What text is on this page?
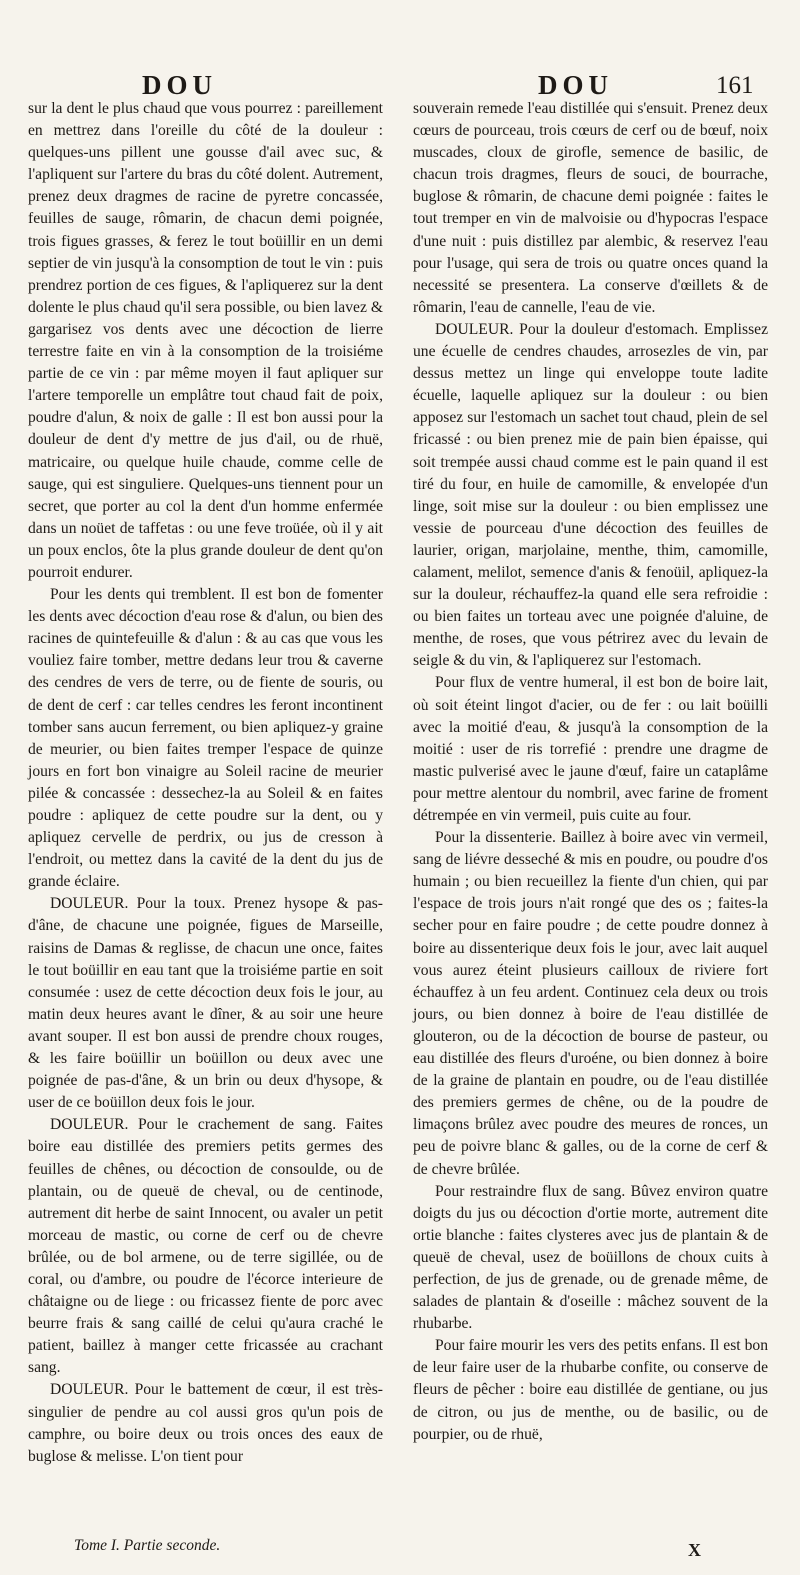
DOU	DOU	161

sur la dent le plus chaud que vous pourrez : pareillement en mettrez dans l'oreille du côté de la douleur : quelques-uns pillent une gousse d'ail avec suc, & l'apliquent sur l'artere du bras du côté dolent. Autrement, prenez deux dragmes de racine de pyretre concassée, feuilles de sauge, rômarin, de chacun demi poignée, trois figues grasses, & ferez le tout boüillir en un demi septier de vin jusqu'à la consomption de tout le vin : puis prendrez portion de ces figues, & l'apliquerez sur la dent dolente le plus chaud qu'il sera possible, ou bien lavez & gargarisez vos dents avec une décoction de lierre terrestre faite en vin à la consomption de la troisiéme partie de ce vin : par même moyen il faut apliquer sur l'artere temporelle un emplâtre tout chaud fait de poix, poudre d'alun, & noix de galle : Il est bon aussi pour la douleur de dent d'y mettre de jus d'ail, ou de rhuë, matricaire, ou quelque huile chaude, comme celle de sauge, qui est singuliere. Quelques-uns tiennent pour un secret, que porter au col la dent d'un homme enfermée dans un noüet de taffetas : ou une feve troüée, où il y ait un poux enclos, ôte la plus grande douleur de dent qu'on pourroit endurer.

Pour les dents qui tremblent. Il est bon de fomenter les dents avec décoction d'eau rose & d'alun, ou bien des racines de quintefeuille & d'alun : & au cas que vous les vouliez faire tomber, mettre dedans leur trou & caverne des cendres de vers de terre, ou de fiente de souris, ou de dent de cerf : car telles cendres les feront incontinent tomber sans aucun ferrement, ou bien apliquez-y graine de meurier, ou bien faites tremper l'espace de quinze jours en fort bon vinaigre au Soleil racine de meurier pilée & concassée : dessechez-la au Soleil & en faites poudre : apliquez de cette poudre sur la dent, ou y apliquez cervelle de perdrix, ou jus de cresson à l'endroit, ou mettez dans la cavité de la dent du jus de grande éclaire.

DOULEUR. Pour la toux. Prenez hysope & pas-d'âne, de chacune une poignée, figues de Marseille, raisins de Damas & reglisse, de chacun une once, faites le tout boüillir en eau tant que la troisiéme partie en soit consumée : usez de cette décoction deux fois le jour, au matin deux heures avant le dîner, & au soir une heure avant souper. Il est bon aussi de prendre choux rouges, & les faire boüillir un boüillon ou deux avec une poignée de pas-d'âne, & un brin ou deux d'hysope, & user de ce boüillon deux fois le jour.

DOULEUR. Pour le crachement de sang. Faites boire eau distillée des premiers petits germes des feuilles de chênes, ou décoction de consoulde, ou de plantain, ou de queuë de cheval, ou de centinode, autrement dit herbe de saint Innocent, ou avaler un petit morceau de mastic, ou corne de cerf ou de chevre brûlée, ou de bol armene, ou de terre sigillée, ou de coral, ou d'ambre, ou poudre de l'écorce interieure de châtaigne ou de liege : ou fricassez fiente de porc avec beurre frais & sang caillé de celui qu'aura craché le patient, baillez à manger cette fricassée au crachant sang.

DOULEUR. Pour le battement de cœur, il est très-singulier de pendre au col aussi gros qu'un pois de camphre, ou boire deux ou trois onces des eaux de buglose & melisse. L'on tient pour

souverain remede l'eau distillée qui s'ensuit. Prenez deux cœurs de pourceau, trois cœurs de cerf ou de bœuf, noix muscades, cloux de girofle, semence de basilic, de chacun trois dragmes, fleurs de souci, de bourrache, buglose & rômarin, de chacune demi poignée : faites le tout tremper en vin de malvoisie ou d'hypocras l'espace d'une nuit : puis distillez par alembic, & reservez l'eau pour l'usage, qui sera de trois ou quatre onces quand la necessité se presentera. La conserve d'œillets & de rômarin, l'eau de cannelle, l'eau de vie.

DOULEUR. Pour la douleur d'estomach. Emplissez une écuelle de cendres chaudes, arrosezles de vin, par dessus mettez un linge qui enveloppe toute ladite écuelle, laquelle apliquez sur la douleur : ou bien apposez sur l'estomach un sachet tout chaud, plein de sel fricassé : ou bien prenez mie de pain bien épaisse, qui soit trempée aussi chaud comme est le pain quand il est tiré du four, en huile de camomille, & envelopée d'un linge, soit mise sur la douleur : ou bien emplissez une vessie de pourceau d'une décoction des feuilles de laurier, origan, marjolaine, menthe, thim, camomille, calament, melilot, semence d'anis & fenoüil, apliquez-la sur la douleur, réchauffez-la quand elle sera refroidie : ou bien faites un torteau avec une poignée d'aluine, de menthe, de roses, que vous pétrirez avec du levain de seigle & du vin, & l'apliquerez sur l'estomach.

Pour flux de ventre humeral, il est bon de boire lait, où soit éteint lingot d'acier, ou de fer : ou lait boüilli avec la moitié d'eau, & jusqu'à la consomption de la moitié : user de ris torrefié : prendre une dragme de mastic pulverisé avec le jaune d'œuf, faire un cataplâme pour mettre alentour du nombril, avec farine de froment détrempée en vin vermeil, puis cuite au four.

Pour la dissenterie. Baillez à boire avec vin vermeil, sang de liévre desseché & mis en poudre, ou poudre d'os humain ; ou bien recueillez la fiente d'un chien, qui par l'espace de trois jours n'ait rongé que des os ; faites-la secher pour en faire poudre ; de cette poudre donnez à boire au dissenterique deux fois le jour, avec lait auquel vous aurez éteint plusieurs cailloux de riviere fort échauffez à un feu ardent. Continuez cela deux ou trois jours, ou bien donnez à boire de l'eau distillée de glouteron, ou de la décoction de bourse de pasteur, ou eau distillée des fleurs d'uroéne, ou bien donnez à boire de la graine de plantain en poudre, ou de l'eau distillée des premiers germes de chêne, ou de la poudre de limaçons brûlez avec poudre des meures de ronces, un peu de poivre blanc & galles, ou de la corne de cerf & de chevre brûlée.

Pour restraindre flux de sang. Bûvez environ quatre doigts du jus ou décoction d'ortie morte, autrement dite ortie blanche : faites clysteres avec jus de plantain & de queuë de cheval, usez de boüillons de choux cuits à perfection, de jus de grenade, ou de grenade même, de salades de plantain & d'oseille : mâchez souvent de la rhubarbe.

Pour faire mourir les vers des petits enfans. Il est bon de leur faire user de la rhubarbe confite, ou conserve de fleurs de pêcher : boire eau distillée de gentiane, ou jus de citron, ou jus de menthe, ou de basilic, ou de pourpier, ou de rhuë,

Tome I. Partie seconde.	X
